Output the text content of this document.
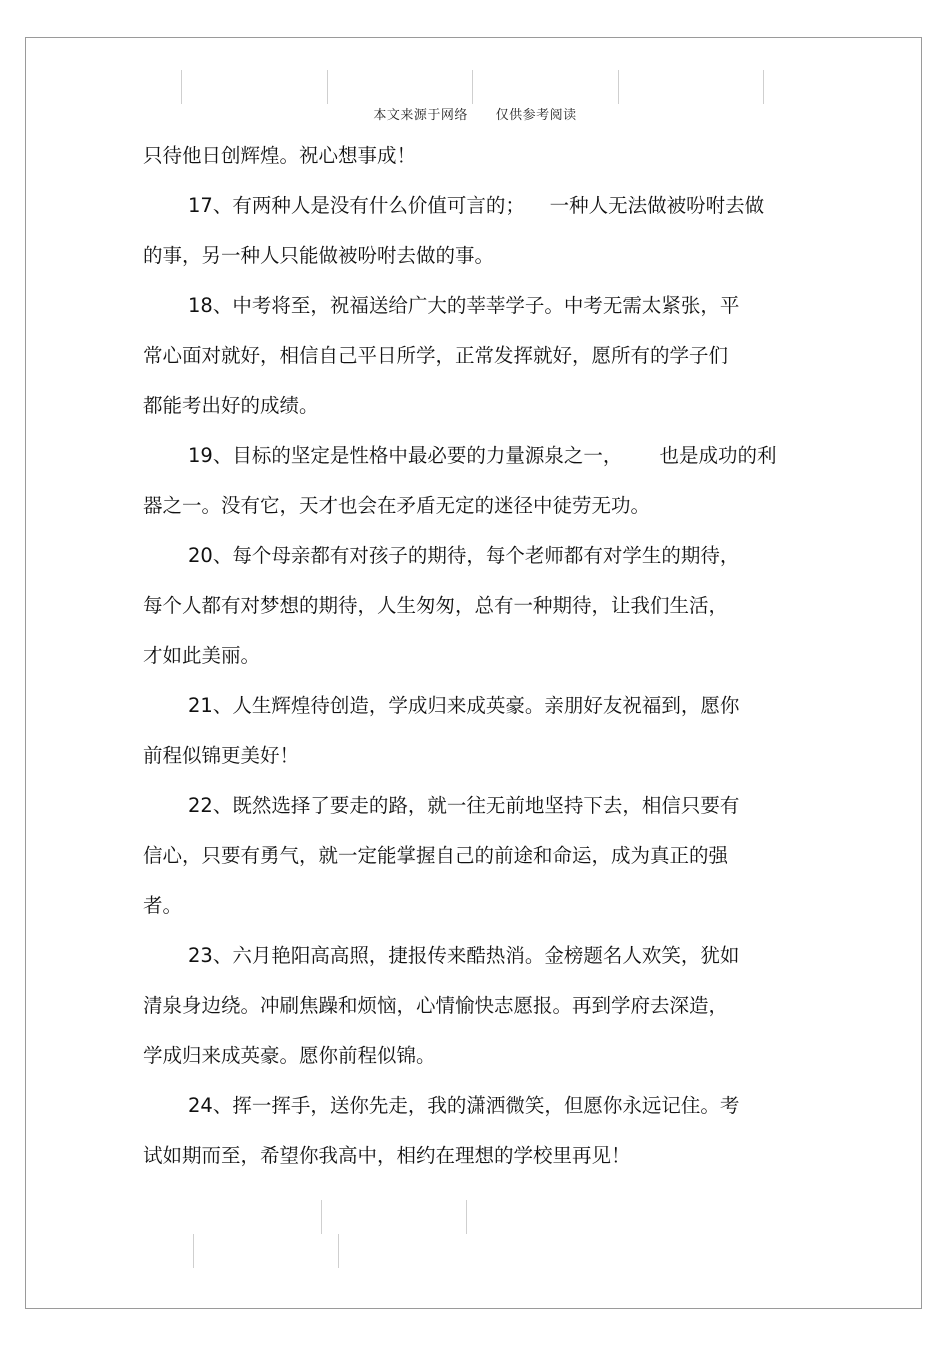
本文来源于网络 仅供参考阅读
只待他日创辉煌。祝心想事成！
17、有两种人是没有什么价值可言的；    一种人无法做被吩咐去做
的事，另一种人只能做被吩咐去做的事。
18、中考将至，祝福送给广大的莘莘学子。中考无需太紧张，平
常心面对就好，相信自己平日所学，正常发挥就好，愿所有的学子们
都能考出好的成绩。
19、目标的坚定是性格中最必要的力量源泉之一，      也是成功的利
器之一。没有它，天才也会在矛盾无定的迷径中徒劳无功。
20、每个母亲都有对孩子的期待，每个老师都有对学生的期待，
每个人都有对梦想的期待，人生匆匆，总有一种期待，让我们生活，
才如此美丽。
21、人生辉煌待创造，学成归来成英豪。亲朋好友祝福到，愿你
前程似锦更美好！
22、既然选择了要走的路，就一往无前地坚持下去，相信只要有
信心，只要有勇气，就一定能掌握自己的前途和命运，成为真正的强
者。
23、六月艳阳高高照，捷报传来酷热消。金榜题名人欢笑，犹如
清泉身边绕。冲刷焦躁和烦恼，心情愉快志愿报。再到学府去深造，
学成归来成英豪。愿你前程似锦。
24、挥一挥手，送你先走，我的潇洒微笑，但愿你永远记住。考
试如期而至，希望你我高中，相约在理想的学校里再见！
